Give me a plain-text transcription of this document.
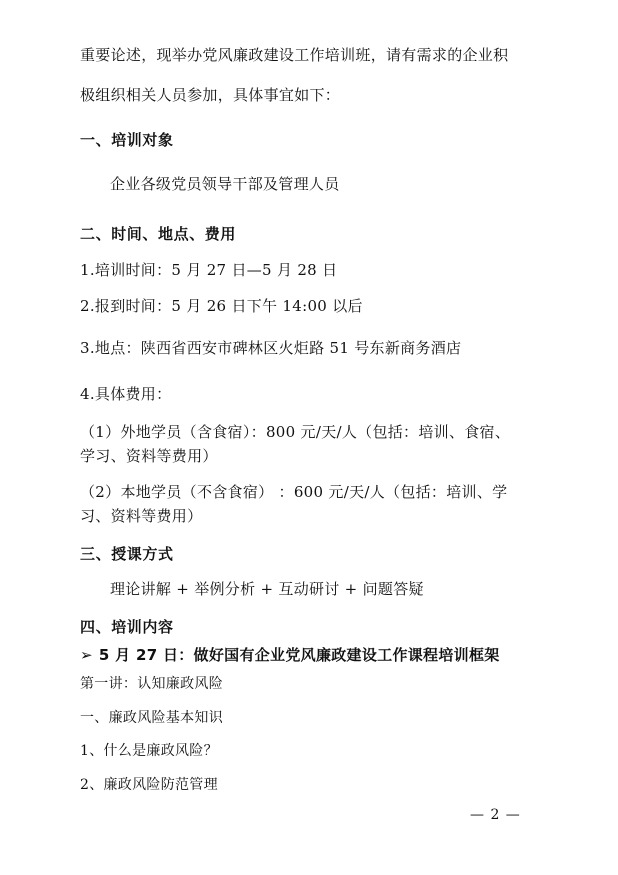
重要论述，现举办党风廉政建设工作培训班，请有需求的企业积
极组织相关人员参加，具体事宜如下：
一、培训对象
企业各级党员领导干部及管理人员
二、时间、地点、费用
1.培训时间：5 月 27 日—5 月 28 日
2.报到时间：5 月 26 日下午 14:00 以后
3.地点：陕西省西安市碑林区火炬路 51 号东新商务酒店
4.具体费用：
（1）外地学员（含食宿）：800 元/天/人（包括：培训、食宿、
学习、资料等费用）
（2）本地学员（不含食宿） ：600 元/天/人（包括：培训、学
习、资料等费用）
三、授课方式
理论讲解 + 举例分析 + 互动研讨 + 问题答疑
四、培训内容
➢ 5 月 27 日：做好国有企业党风廉政建设工作课程培训框架
第一讲：认知廉政风险
一、廉政风险基本知识
1、什么是廉政风险？
2、廉政风险防范管理
— 2 —
